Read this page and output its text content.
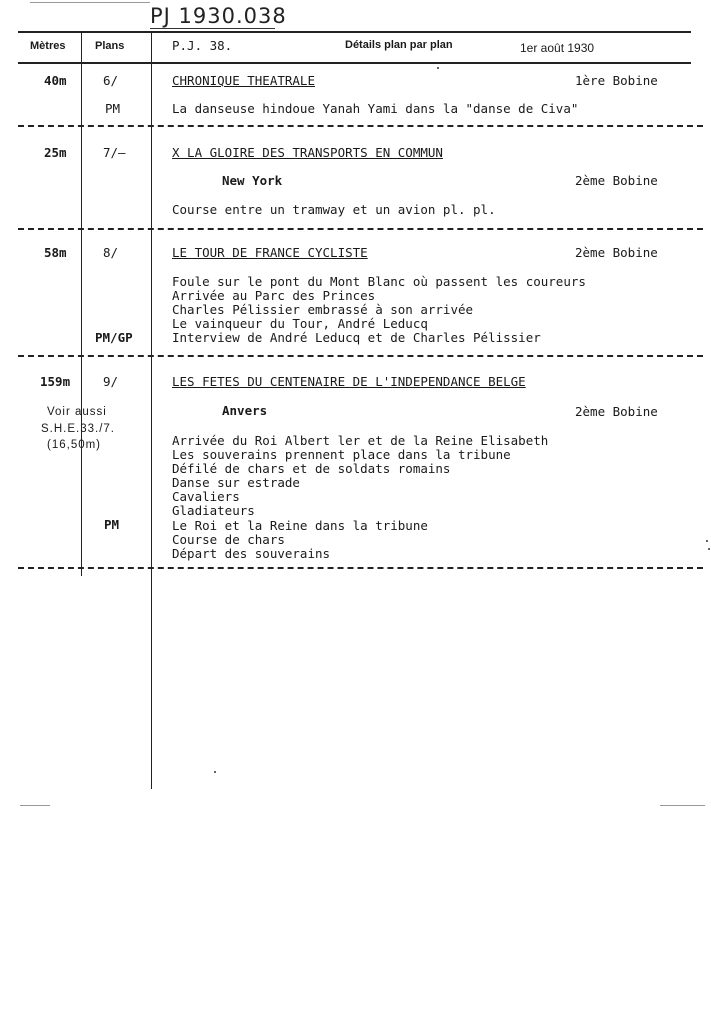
PJ 1930.038
Mètres	Plans	P.J. 38.	Détails plan par plan	1er août 1930
40m	6/	CHRONIQUE THEATRALE	1ère Bobine
PM	La danseuse hindoue Yanah Yami dans la "danse de Civa"
25m	7/—	X LA GLOIRE DES TRANSPORTS EN COMMUN
New York	2ème Bobine
Course entre un tramway et un avion pl. pl.
58m	8/	LE TOUR DE FRANCE CYCLISTE	2ème Bobine
Foule sur le pont du Mont Blanc où passent les coureurs
Arrivée au Parc des Princes
Charles Pélissier embrassé à son arrivée
Le vainqueur du Tour, André Leducq
PM/GP	Interview de André Leducq et de Charles Pélissier
159m	9/	LES FETES DU CENTENAIRE DE L'INDEPENDANCE BELGE
Anvers	2ème Bobine
Voir aussi
S.H.E.33./7.
(16,50m)	Arrivée du Roi Albert ler et de la Reine Elisabeth
Les souverains prennent place dans la tribune
Défilé de chars et de soldats romains
Danse sur estrade
Cavaliers
Gladiateurs
PM	Le Roi et la Reine dans la tribune
Course de chars
Départ des souverains
